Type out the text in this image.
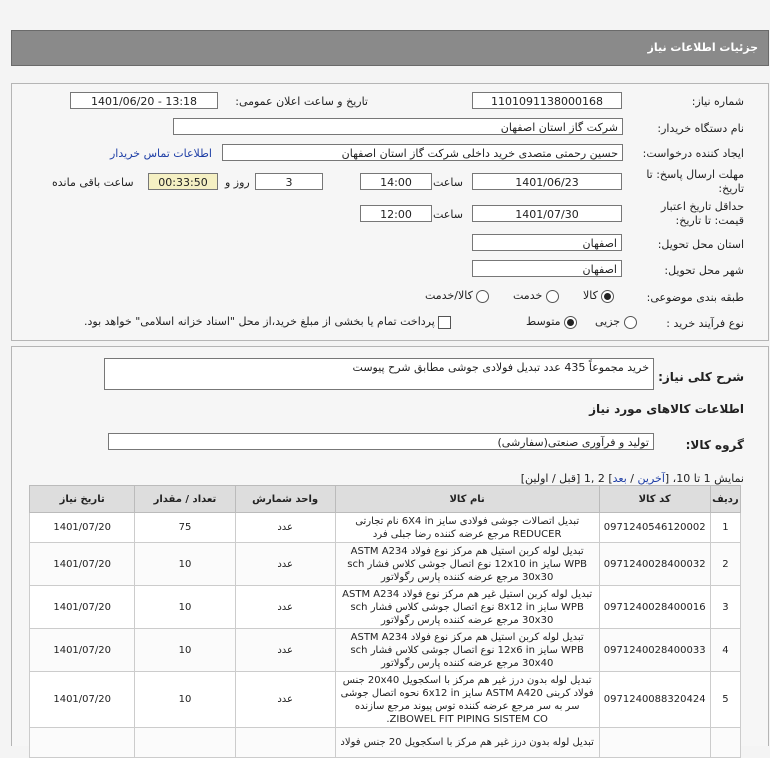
جزئیات اطلاعات نیاز
شماره نیاز:
1101091138000168
تاریخ و ساعت اعلان عمومی:
1401/06/20 - 13:18
نام دستگاه خریدار:
شرکت گاز استان اصفهان
ایجاد کننده درخواست:
حسین رحمتی متصدی خرید داخلی شرکت گاز استان اصفهان
اطلاعات تماس خریدار
مهلت ارسال پاسخ: تا
تاریخ:
1401/06/23
ساعت
14:00
3
روز و
00:33:50
ساعت باقی مانده
حداقل تاریخ اعتبار
قیمت: تا تاریخ:
1401/07/30
ساعت
12:00
استان محل تحویل:
اصفهان
شهر محل تحویل:
اصفهان
طبقه بندی موضوعی:
کالا
خدمت
کالا/خدمت
نوع فرآیند خرید :
جزیی
متوسط
پرداخت تمام یا بخشی از مبلغ خرید،از محل "اسناد خزانه اسلامی" خواهد بود.
شرح کلی نیاز:
خرید مجموعاً 435 عدد تبدیل فولادی جوشی مطابق شرح پیوست
اطلاعات کالاهای مورد نیاز
گروه کالا:
تولید و فرآوری صنعتی(سفارشی)
نمایش 1 تا 10، [آخرین / بعد] 2 ,1 [قبل / اولین]
ردیف	کد کالا	نام کالا	واحد شمارش	تعداد / مقدار	تاریخ نیاز
1	0971240546120002	تبدیل اتصالات جوشی فولادی سایز 6X4 in نام تجارتی REDUCER مرجع عرضه کننده رضا جبلی فرد	عدد	75	1401/07/20
2	0971240028400032	تبدیل لوله کربن استیل هم مرکز نوع فولاد ASTM A234 WPB سایز 12x10 in نوع اتصال جوشی کلاس فشار sch 30x30 مرجع عرضه کننده پارس رگولاتور	عدد	10	1401/07/20
3	0971240028400016	تبدیل لوله کربن استیل غیر هم مرکز نوع فولاد ASTM A234 WPB سایز 8x12 in نوع اتصال جوشی کلاس فشار sch 30x30 مرجع عرضه کننده پارس رگولاتور	عدد	10	1401/07/20
4	0971240028400033	تبدیل لوله کربن استیل هم مرکز نوع فولاد ASTM A234 WPB سایز 12x6 in نوع اتصال جوشی کلاس فشار sch 30x40 مرجع عرضه کننده پارس رگولاتور	عدد	10	1401/07/20
5	0971240088320424	تبدیل لوله بدون درز غیر هم مرکز با اسکجویل 20x40 جنس فولاد کربنی ASTM A420 سایز 6x12 in نحوه اتصال جوشی سر به سر مرجع عرضه کننده توس پیوند مرجع سازنده ZIBOWEL FIT PIPING SISTEM CO.	عدد	10	1401/07/20
		تبدیل لوله بدون درز غیر هم مرکز با اسکجویل 20 جنس فولاد			
